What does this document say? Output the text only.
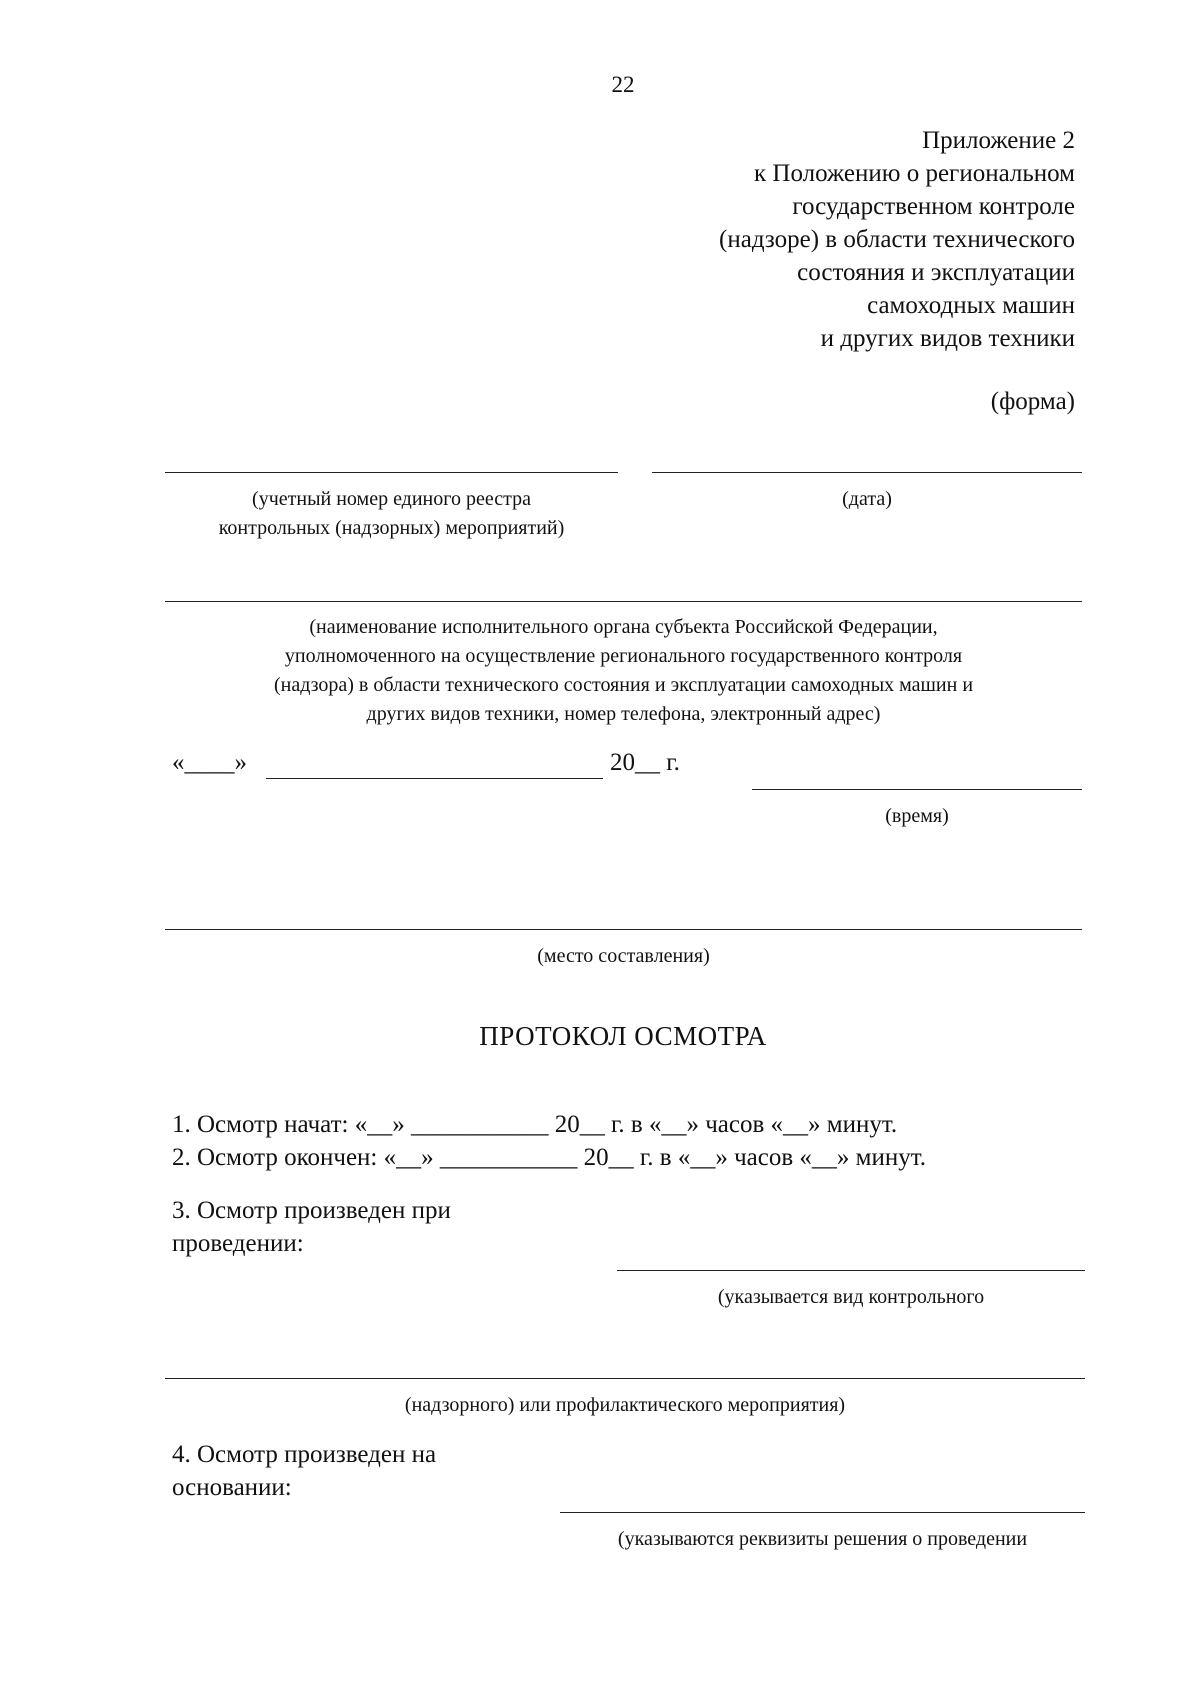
22
Приложение 2
к Положению о региональном
государственном контроле
(надзоре) в области технического
состояния и эксплуатации
самоходных машин
и других видов техники
(форма)
(учетный номер единого реестра
контрольных (надзорных) мероприятий)
(дата)
(наименование исполнительного органа субъекта Российской Федерации,
уполномоченного на осуществление регионального государственного контроля
(надзора) в области технического состояния и эксплуатации самоходных машин и
других видов техники, номер телефона, электронный адрес)
«____»	20__ г.
(время)
(место составления)
ПРОТОКОЛ ОСМОТРА
1. Осмотр начат: «__» ___________ 20__ г. в «__» часов «__» минут.
2. Осмотр окончен: «__» ___________ 20__ г. в «__» часов «__» минут.
3. Осмотр произведен при
проведении:
(указывается вид контрольного
(надзорного) или профилактического мероприятия)
4. Осмотр произведен на
основании:
(указываются реквизиты решения о проведении
